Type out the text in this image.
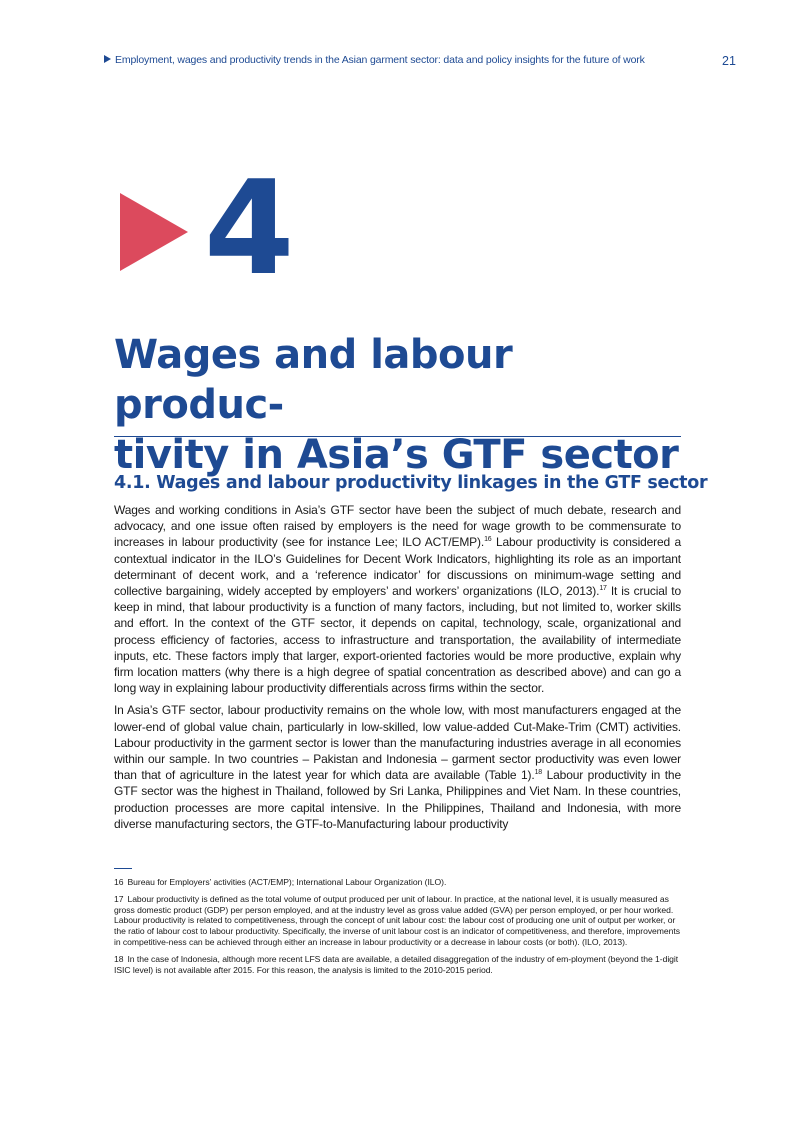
Employment, wages and productivity trends in the Asian garment sector: data and policy insights for the future of work	21
4
Wages and labour produc-
tivity in Asia’s GTF sector
4.1. Wages and labour productivity linkages in the GTF sector

Wages and working conditions in Asia’s GTF sector have been the subject of much debate, research and advocacy, and one issue often raised by employers is the need for wage growth to be commensurate to increases in labour productivity (see for instance Lee; ILO ACT/EMP).$^{16}$ Labour productivity is considered a contextual indicator in the ILO’s Guidelines for Decent Work Indicators, highlighting its role as an important determinant of decent work, and a ‘reference indicator’ for discussions on minimum-wage setting and collective bargaining, widely accepted by employers’ and workers’ organizations (ILO, 2013).$^{17}$ It is crucial to keep in mind, that labour productivity is a function of many factors, including, but not limited to, worker skills and effort. In the context of the GTF sector, it depends on capital, technology, scale, organizational and process efficiency of factories, access to infrastructure and transportation, the availability of intermediate inputs, etc. These factors imply that larger, export-oriented factories would be more productive, explain why firm location matters (why there is a high degree of spatial concentration as described above) and can go a long way in explaining labour productivity differentials across firms within the sector.

In Asia’s GTF sector, labour productivity remains on the whole low, with most manufacturers engaged at the lower-end of global value chain, particularly in low-skilled, low value-added Cut-Make-Trim (CMT) activities. Labour productivity in the garment sector is lower than the manufacturing industries average in all economies within our sample. In two countries – Pakistan and Indonesia – garment sector productivity was even lower than that of agriculture in the latest year for which data are available (Table 1).$^{18}$ Labour productivity in the GTF sector was the highest in Thailand, followed by Sri Lanka, Philippines and Viet Nam. In these countries, production processes are more capital intensive. In the Philippines, Thailand and Indonesia, with more diverse manufacturing sectors, the GTF-to-Manufacturing labour productivity

16 Bureau for Employers’ activities (ACT/EMP); International Labour Organization (ILO).

17 Labour productivity is defined as the total volume of output produced per unit of labour. In practice, at the national level, it is usually measured as gross domestic product (GDP) per person employed, and at the industry level as gross value added (GVA) per person employed, or per hour worked. Labour productivity is related to competitiveness, through the concept of unit labour cost: the labour cost of producing one unit of output per worker, or the ratio of labour cost to labour productivity. Specifically, the inverse of unit labour cost is an indicator of competitiveness, and therefore, improvements in competitive-ness can be achieved through either an increase in labour productivity or a decrease in labour costs (or both). (ILO, 2013).

18 In the case of Indonesia, although more recent LFS data are available, a detailed disaggregation of the industry of em-ployment (beyond the 1-digit ISIC level) is not available after 2015. For this reason, the analysis is limited to the 2010-2015 period.
